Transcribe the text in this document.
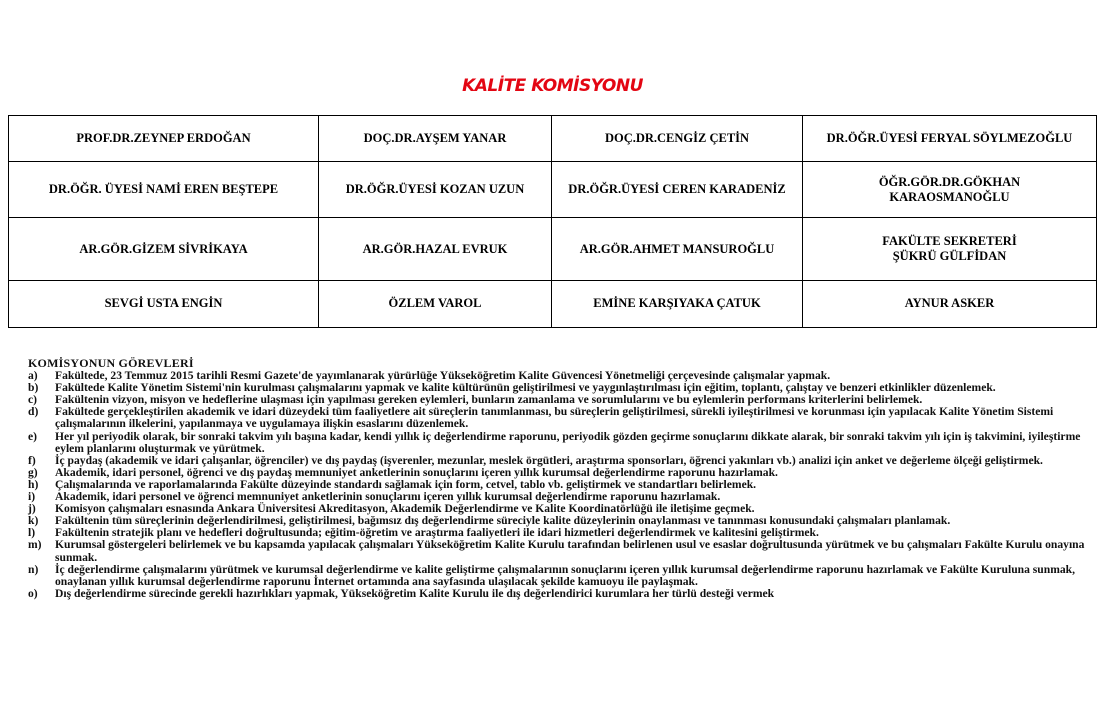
KALİTE KOMİSYONU
PROF.DR.ZEYNEP ERDOĞAN	DOÇ.DR.AYŞEM YANAR	DOÇ.DR.CENGİZ ÇETİN	DR.ÖĞR.ÜYESİ FERYAL SÖYLMEZOĞLU
DR.ÖĞR. ÜYESİ NAMİ EREN BEŞTEPE	DR.ÖĞR.ÜYESİ KOZAN UZUN	DR.ÖĞR.ÜYESİ CEREN KARADENİZ	ÖĞR.GÖR.DR.GÖKHAN
KARAOSMANOĞLU
AR.GÖR.GİZEM SİVRİKAYA	AR.GÖR.HAZAL EVRUK	AR.GÖR.AHMET MANSUROĞLU	FAKÜLTE SEKRETERİ
ŞÜKRÜ GÜLFİDAN
SEVGİ USTA ENGİN	ÖZLEM VAROL	EMİNE KARŞIYAKA ÇATUK	AYNUR ASKER
KOMİSYONUN GÖREVLERİ
a)	Fakültede, 23 Temmuz 2015 tarihli Resmi Gazete'de yayımlanarak yürürlüğe Yükseköğretim Kalite Güvencesi Yönetmeliği çerçevesinde çalışmalar yapmak.
b)	Fakültede Kalite Yönetim Sistemi'nin kurulması çalışmalarını yapmak ve kalite kültürünün geliştirilmesi ve yaygınlaştırılması için eğitim, toplantı, çalıştay ve benzeri etkinlikler düzenlemek.
c)	Fakültenin vizyon, misyon ve hedeflerine ulaşması için yapılması gereken eylemleri, bunların zamanlama ve sorumlularını ve bu eylemlerin performans kriterlerini belirlemek.
d)	Fakültede gerçekleştirilen akademik ve idari düzeydeki tüm faaliyetlere ait süreçlerin tanımlanması, bu süreçlerin geliştirilmesi, sürekli iyileştirilmesi ve korunması için yapılacak Kalite Yönetim Sistemi çalışmalarının ilkelerini, yapılanmaya ve uygulamaya ilişkin esaslarını düzenlemek.
e)	Her yıl periyodik olarak, bir sonraki takvim yılı başına kadar, kendi yıllık iç değerlendirme raporunu, periyodik gözden geçirme sonuçlarını dikkate alarak, bir sonraki takvim yılı için iş takvimini, iyileştirme eylem planlarını oluşturmak ve yürütmek.
f)	İç paydaş (akademik ve idari çalışanlar, öğrenciler) ve dış paydaş (işverenler, mezunlar, meslek örgütleri, araştırma sponsorları, öğrenci yakınları vb.) analizi için anket ve değerleme ölçeği geliştirmek.
g)	Akademik, idari personel, öğrenci ve dış paydaş memnuniyet anketlerinin sonuçlarını içeren yıllık kurumsal değerlendirme raporunu hazırlamak.
h)	Çalışmalarında ve raporlamalarında Fakülte düzeyinde standardı sağlamak için form, cetvel, tablo vb. geliştirmek ve standartları belirlemek.
i)	Akademik, idari personel ve öğrenci memnuniyet anketlerinin sonuçlarını içeren yıllık kurumsal değerlendirme raporunu hazırlamak.
j)	Komisyon çalışmaları esnasında Ankara Üniversitesi Akreditasyon, Akademik Değerlendirme ve Kalite Koordinatörlüğü ile iletişime geçmek.
k)	Fakültenin tüm süreçlerinin değerlendirilmesi, geliştirilmesi, bağımsız dış değerlendirme süreciyle kalite düzeylerinin onaylanması ve tanınması konusundaki çalışmaları planlamak.
l)	Fakültenin stratejik planı ve hedefleri doğrultusunda; eğitim-öğretim ve araştırma faaliyetleri ile idari hizmetleri değerlendirmek ve kalitesini geliştirmek.
m)	Kurumsal göstergeleri belirlemek ve bu kapsamda yapılacak çalışmaları Yükseköğretim Kalite Kurulu tarafından belirlenen usul ve esaslar doğrultusunda yürütmek ve bu çalışmaları Fakülte Kurulu onayına sunmak.
n)	İç değerlendirme çalışmalarını yürütmek ve kurumsal değerlendirme ve kalite geliştirme çalışmalarının sonuçlarını içeren yıllık kurumsal değerlendirme raporunu hazırlamak ve Fakülte Kuruluna sunmak, onaylanan yıllık kurumsal değerlendirme raporunu İnternet ortamında ana sayfasında ulaşılacak şekilde kamuoyu ile paylaşmak.
o)	Dış değerlendirme sürecinde gerekli hazırlıkları yapmak, Yükseköğretim Kalite Kurulu ile dış değerlendirici kurumlara her türlü desteği vermek
